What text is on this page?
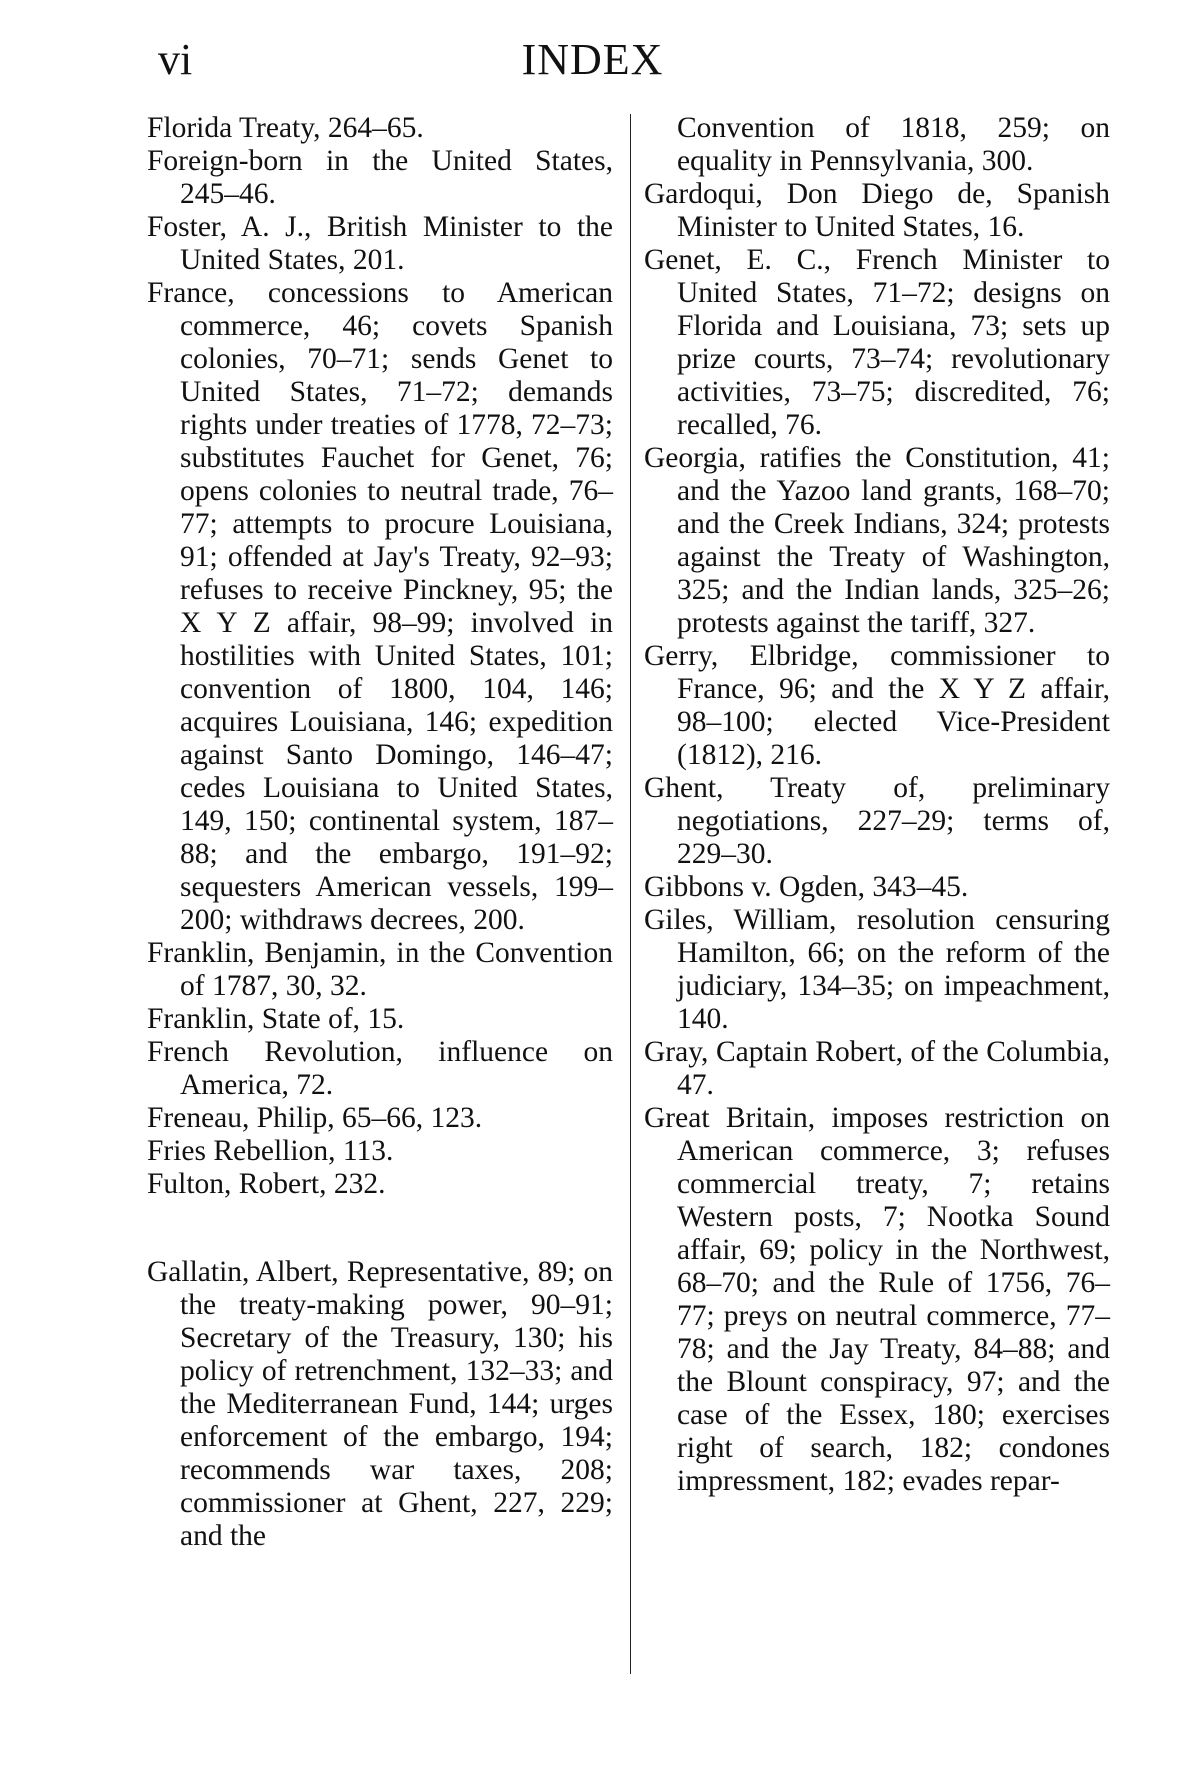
vi	INDEX

Florida Treaty, 264–65.

Foreign-born in the United States, 245–46.

Foster, A. J., British Minister to the United States, 201.

France, concessions to American commerce, 46; covets Spanish colonies, 70–71; sends Genet to United States, 71–72; demands rights under treaties of 1778, 72–73; substitutes Fauchet for Genet, 76; opens colonies to neutral trade, 76–77; attempts to procure Louisiana, 91; offended at Jay's Treaty, 92–93; refuses to receive Pinckney, 95; the X Y Z affair, 98–99; involved in hostilities with United States, 101; convention of 1800, 104, 146; acquires Louisiana, 146; expedition against Santo Domingo, 146–47; cedes Louisiana to United States, 149, 150; continental system, 187–88; and the embargo, 191–92; sequesters American vessels, 199–200; withdraws decrees, 200.

Franklin, Benjamin, in the Convention of 1787, 30, 32.

Franklin, State of, 15.

French Revolution, influence on America, 72.

Freneau, Philip, 65–66, 123.

Fries Rebellion, 113.

Fulton, Robert, 232.

Gallatin, Albert, Representative, 89; on the treaty-making power, 90–91; Secretary of the Treasury, 130; his policy of retrenchment, 132–33; and the Mediterranean Fund, 144; urges enforcement of the embargo, 194; recommends war taxes, 208; commissioner at Ghent, 227, 229; and the

Convention of 1818, 259; on equality in Pennsylvania, 300.

Gardoqui, Don Diego de, Spanish Minister to United States, 16.

Genet, E. C., French Minister to United States, 71–72; designs on Florida and Louisiana, 73; sets up prize courts, 73–74; revolutionary activities, 73–75; discredited, 76; recalled, 76.

Georgia, ratifies the Constitution, 41; and the Yazoo land grants, 168–70; and the Creek Indians, 324; protests against the Treaty of Washington, 325; and the Indian lands, 325–26; protests against the tariff, 327.

Gerry, Elbridge, commissioner to France, 96; and the X Y Z affair, 98–100; elected Vice-President (1812), 216.

Ghent, Treaty of, preliminary negotiations, 227–29; terms of, 229–30.

Gibbons v. Ogden, 343–45.

Giles, William, resolution censuring Hamilton, 66; on the reform of the judiciary, 134–35; on impeachment, 140.

Gray, Captain Robert, of the Columbia, 47.

Great Britain, imposes restriction on American commerce, 3; refuses commercial treaty, 7; retains Western posts, 7; Nootka Sound affair, 69; policy in the Northwest, 68–70; and the Rule of 1756, 76–77; preys on neutral commerce, 77–78; and the Jay Treaty, 84–88; and the Blount conspiracy, 97; and the case of the Essex, 180; exercises right of search, 182; condones impressment, 182; evades repar-
